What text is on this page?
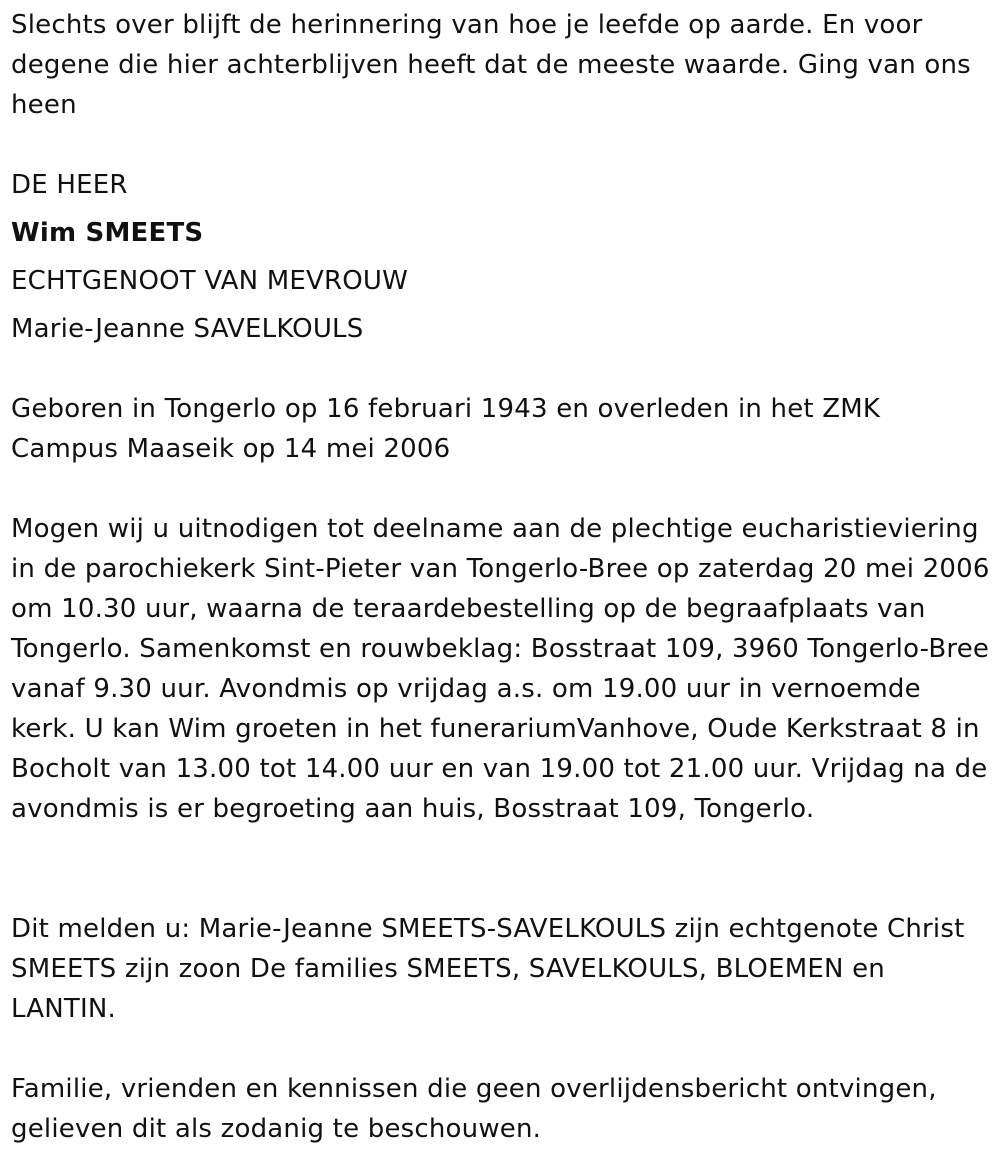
Slechts over blijft de herinnering van hoe je leefde op aarde. En voor degene die hier achterblijven heeft dat de meeste waarde. Ging van ons heen

DE HEER

Wim SMEETS

ECHTGENOOT VAN MEVROUW

Marie-Jeanne SAVELKOULS

Geboren in Tongerlo op 16 februari 1943 en overleden in het ZMK Campus Maaseik op 14 mei 2006

Mogen wij u uitnodigen tot deelname aan de plechtige eucharistieviering in de parochiekerk Sint-Pieter van Tongerlo-Bree op zaterdag 20 mei 2006 om 10.30 uur, waarna de teraardebestelling op de begraafplaats van Tongerlo. Samenkomst en rouwbeklag: Bosstraat 109, 3960 Tongerlo-Bree vanaf 9.30 uur. Avondmis op vrijdag a.s. om 19.00 uur in vernoemde kerk. U kan Wim groeten in het funerariumVanhove, Oude Kerkstraat 8 in Bocholt van 13.00 tot 14.00 uur en van 19.00 tot 21.00 uur. Vrijdag na de avondmis is er begroeting aan huis, Bosstraat 109, Tongerlo.

Dit melden u: Marie-Jeanne SMEETS-SAVELKOULS zijn echtgenote Christ SMEETS zijn zoon De families SMEETS, SAVELKOULS, BLOEMEN en LANTIN.

Familie, vrienden en kennissen die geen overlijdensbericht ontvingen, gelieven dit als zodanig te beschouwen.
